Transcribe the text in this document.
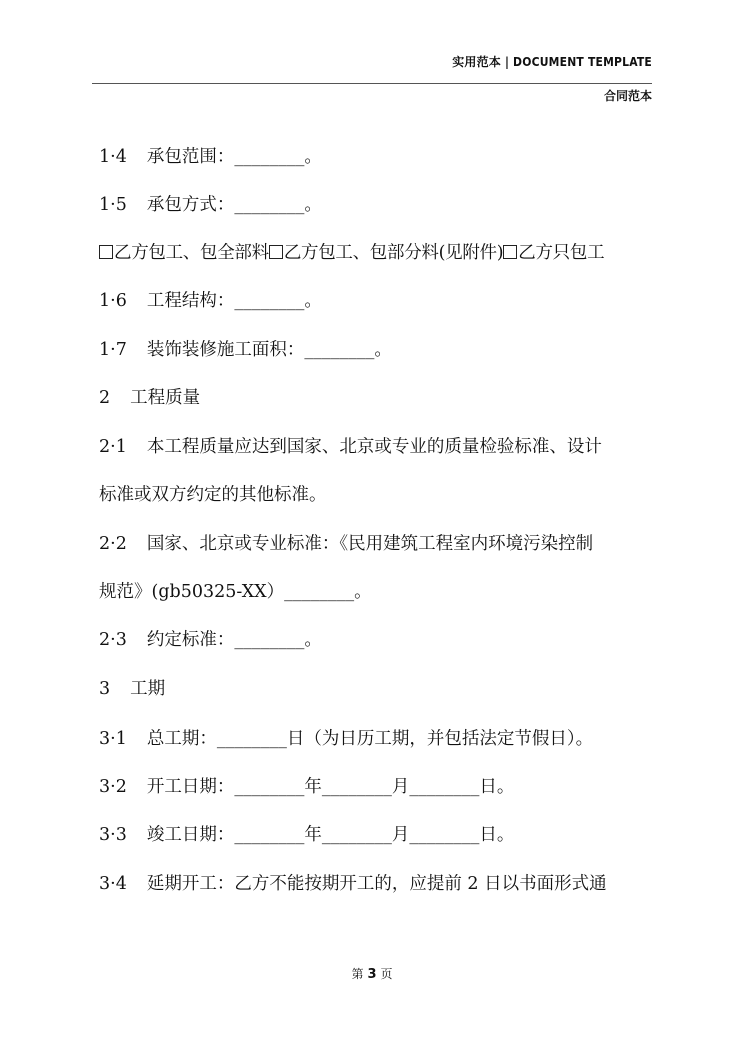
实用范本 | DOCUMENT TEMPLATE
合同范本
1·4 承包范围：________。
1·5 承包方式：________。
乙方包工、包全部料 乙方包工、包部分料(见附件) 乙方只包工
1·6 工程结构：________。
1·7 装饰装修施工面积：________。
2 工程质量
2·1 本工程质量应达到国家、北京或专业的质量检验标准、设计
标准或双方约定的其他标准。
2·2 国家、北京或专业标准：《民用建筑工程室内环境污染控制
规范》(gb50325-XX）________。
2·3 约定标准：________。
3 工期
3·1 总工期：________日（为日历工期，并包括法定节假日）。
3·2 开工日期：________年________月________日。
3·3 竣工日期：________年________月________日。
3·4 延期开工：乙方不能按期开工的，应提前 2 日以书面形式通
第 3 页
